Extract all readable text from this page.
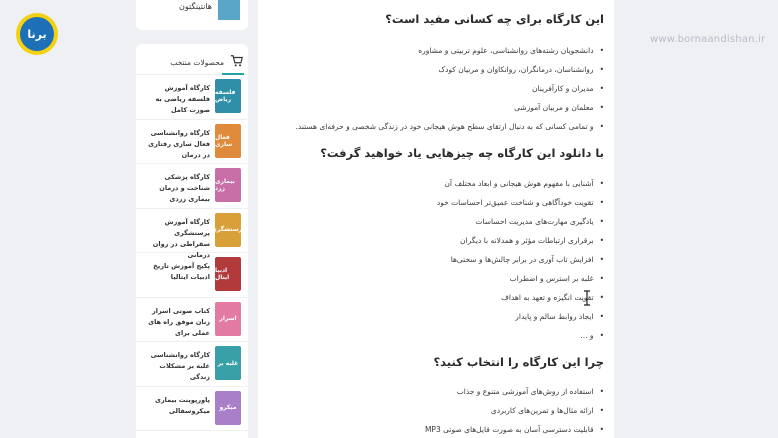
برنا	www.bornaandishan.ir
هانتینگتون
محصولات منتخب
فلسفه ریاض
کارگاه آموزش فلسفه ریاضی به صورت کامل
فعال سازی
کارگاه روانشناسی فعال سازی رفتاری در درمان
بیماری زرد
کارگاه پزشکی شناخت و درمان بیماری زردی
پرستشگری
کارگاه آموزش پرستشگری سقراطی در روان درمانی
ادبیا ایتال
پکیج آموزش تاریخ ادبیات ایتالیا
اسرار
کتاب صوتی اسرار زنان موفق راه های عملی برای
غلبه بر
کارگاه روانشناسی غلبه بر مشکلات زندگی
میکرو
پاورپوینت بیماری میکروسفالی
این کارگاه برای چه کسانی مفید است؟
• دانشجویان رشته‌های روانشناسی، علوم تربیتی و مشاوره
• روانشناسان، درمانگران، روانکاوان و مربیان کودک
• مدیران و کارآفرینان
• معلمان و مربیان آموزشی
• و تمامی کسانی که به دنبال ارتقای سطح هوش هیجانی خود در زندگی شخصی و حرفه‌ای هستند.
با دانلود این کارگاه چه چیزهایی یاد خواهید گرفت؟
• آشنایی با مفهوم هوش هیجانی و ابعاد مختلف آن
• تقویت خودآگاهی و شناخت عمیق‌تر احساسات خود
• یادگیری مهارت‌های مدیریت احساسات
• برقراری ارتباطات مؤثر و همدلانه با دیگران
• افزایش تاب آوری در برابر چالش‌ها و سختی‌ها
• غلبه بر استرس و اضطراب
• تقویت انگیزه و تعهد به اهداف
• ایجاد روابط سالم و پایدار
• و ...
چرا این کارگاه را انتخاب کنید؟
• استفاده از روش‌های آموزشی متنوع و جذاب
• ارائه مثال‌ها و تمرین‌های کاربردی
• قابلیت دسترسی آسان به صورت فایل‌های صوتی MP3
